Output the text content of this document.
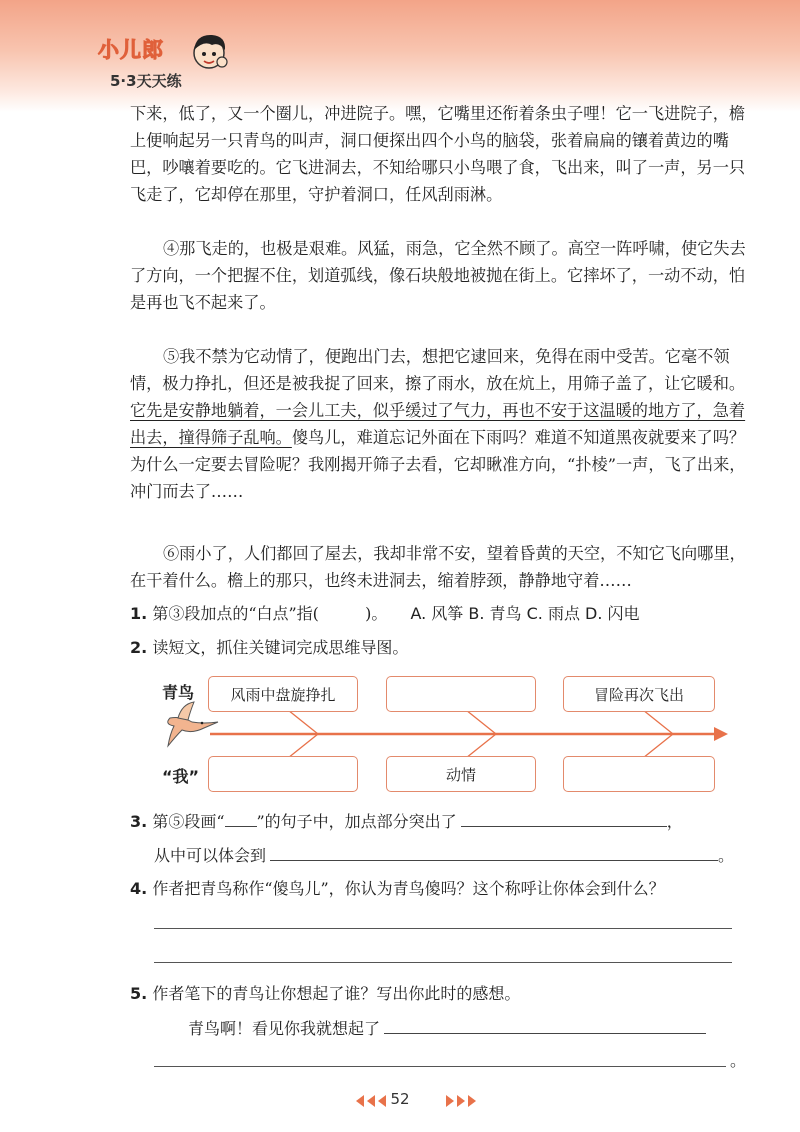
小儿郎
5·3天天练

下来，低了，又一个圈儿，冲进院子。嘿，它嘴里还衔着条虫子哩！它一飞进院子，檐上便响起另一只青鸟的叫声，洞口便探出四个小鸟的脑袋，张着扁扁的镶着黄边的嘴巴，吵嚷着要吃的。它飞进洞去，不知给哪只小鸟喂了食，飞出来，叫了一声，另一只飞走了，它却停在那里，守护着洞口，任风刮雨淋。

④那飞走的，也极是艰难。风猛，雨急，它全然不顾了。高空一阵呼啸，使它失去了方向，一个把握不住，划道弧线，像石块般地被抛在街上。它摔坏了，一动不动，怕是再也飞不起来了。

⑤我不禁为它动情了，便跑出门去，想把它逮回来，免得在雨中受苦。它毫不领情，极力挣扎，但还是被我捉了回来，擦了雨水，放在炕上，用筛子盖了，让它暖和。它先是安静地躺着，一会儿工夫，似乎缓过了气力，再也不安于这温暖的地方了，急着出去，撞得筛子乱响。傻鸟儿，难道忘记外面在下雨吗？难道不知道黑夜就要来了吗？为什么一定要去冒险呢？我刚揭开筛子去看，它却瞅准方向，“扑棱”一声，飞了出来，冲门而去了……

⑥雨小了，人们都回了屋去，我却非常不安，望着昏黄的天空，不知它飞向哪里，在干着什么。檐上的那只，也终未进洞去，缩着脖颈，静静地守着……

1. 第③段加点的“白点”指(	)。 A. 风筝 B. 青鸟 C. 雨点 D. 闪电
2. 读短文，抓住关键词完成思维导图。
青鸟
“我”
风雨中盘旋挣扎	冒险再次飞出
动情
3. 第⑤段画“ ”的句子中，加点部分突出了	，
从中可以体会到	。
4. 作者把青鸟称作“傻鸟儿”，你认为青鸟傻吗？这个称呼让你体会到什么？
5. 作者笔下的青鸟让你想起了谁？写出你此时的感想。
青鸟啊！看见你我就想起了
。
52
